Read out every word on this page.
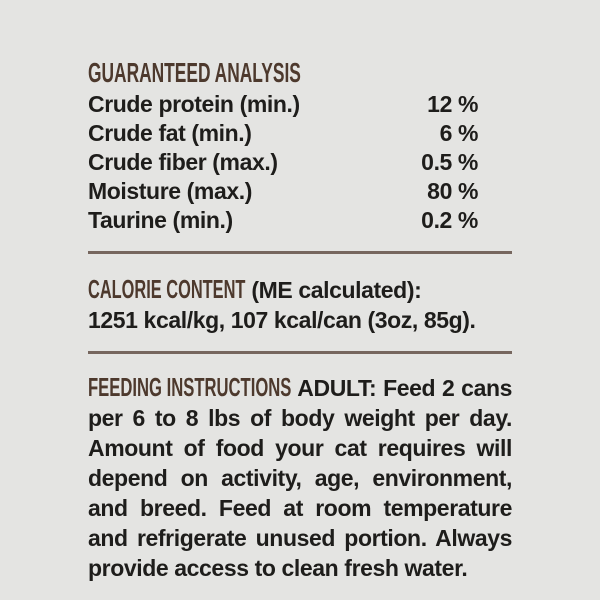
GUARANTEED ANALYSIS
Crude protein (min.)	12 %
Crude fat (min.)	6 %
Crude fiber (max.)	0.5 %
Moisture (max.)	80 %
Taurine (min.)	0.2 %
CALORIE CONTENT (ME calculated):
1251 kcal/kg, 107 kcal/can (3oz, 85g).

FEEDING INSTRUCTIONS ADULT: Feed 2 cans per 6 to 8 lbs of body weight per day. Amount of food your cat requires will depend on activity, age, environment, and breed. Feed at room temperature and refrigerate unused portion. Always provide access to clean fresh water.
